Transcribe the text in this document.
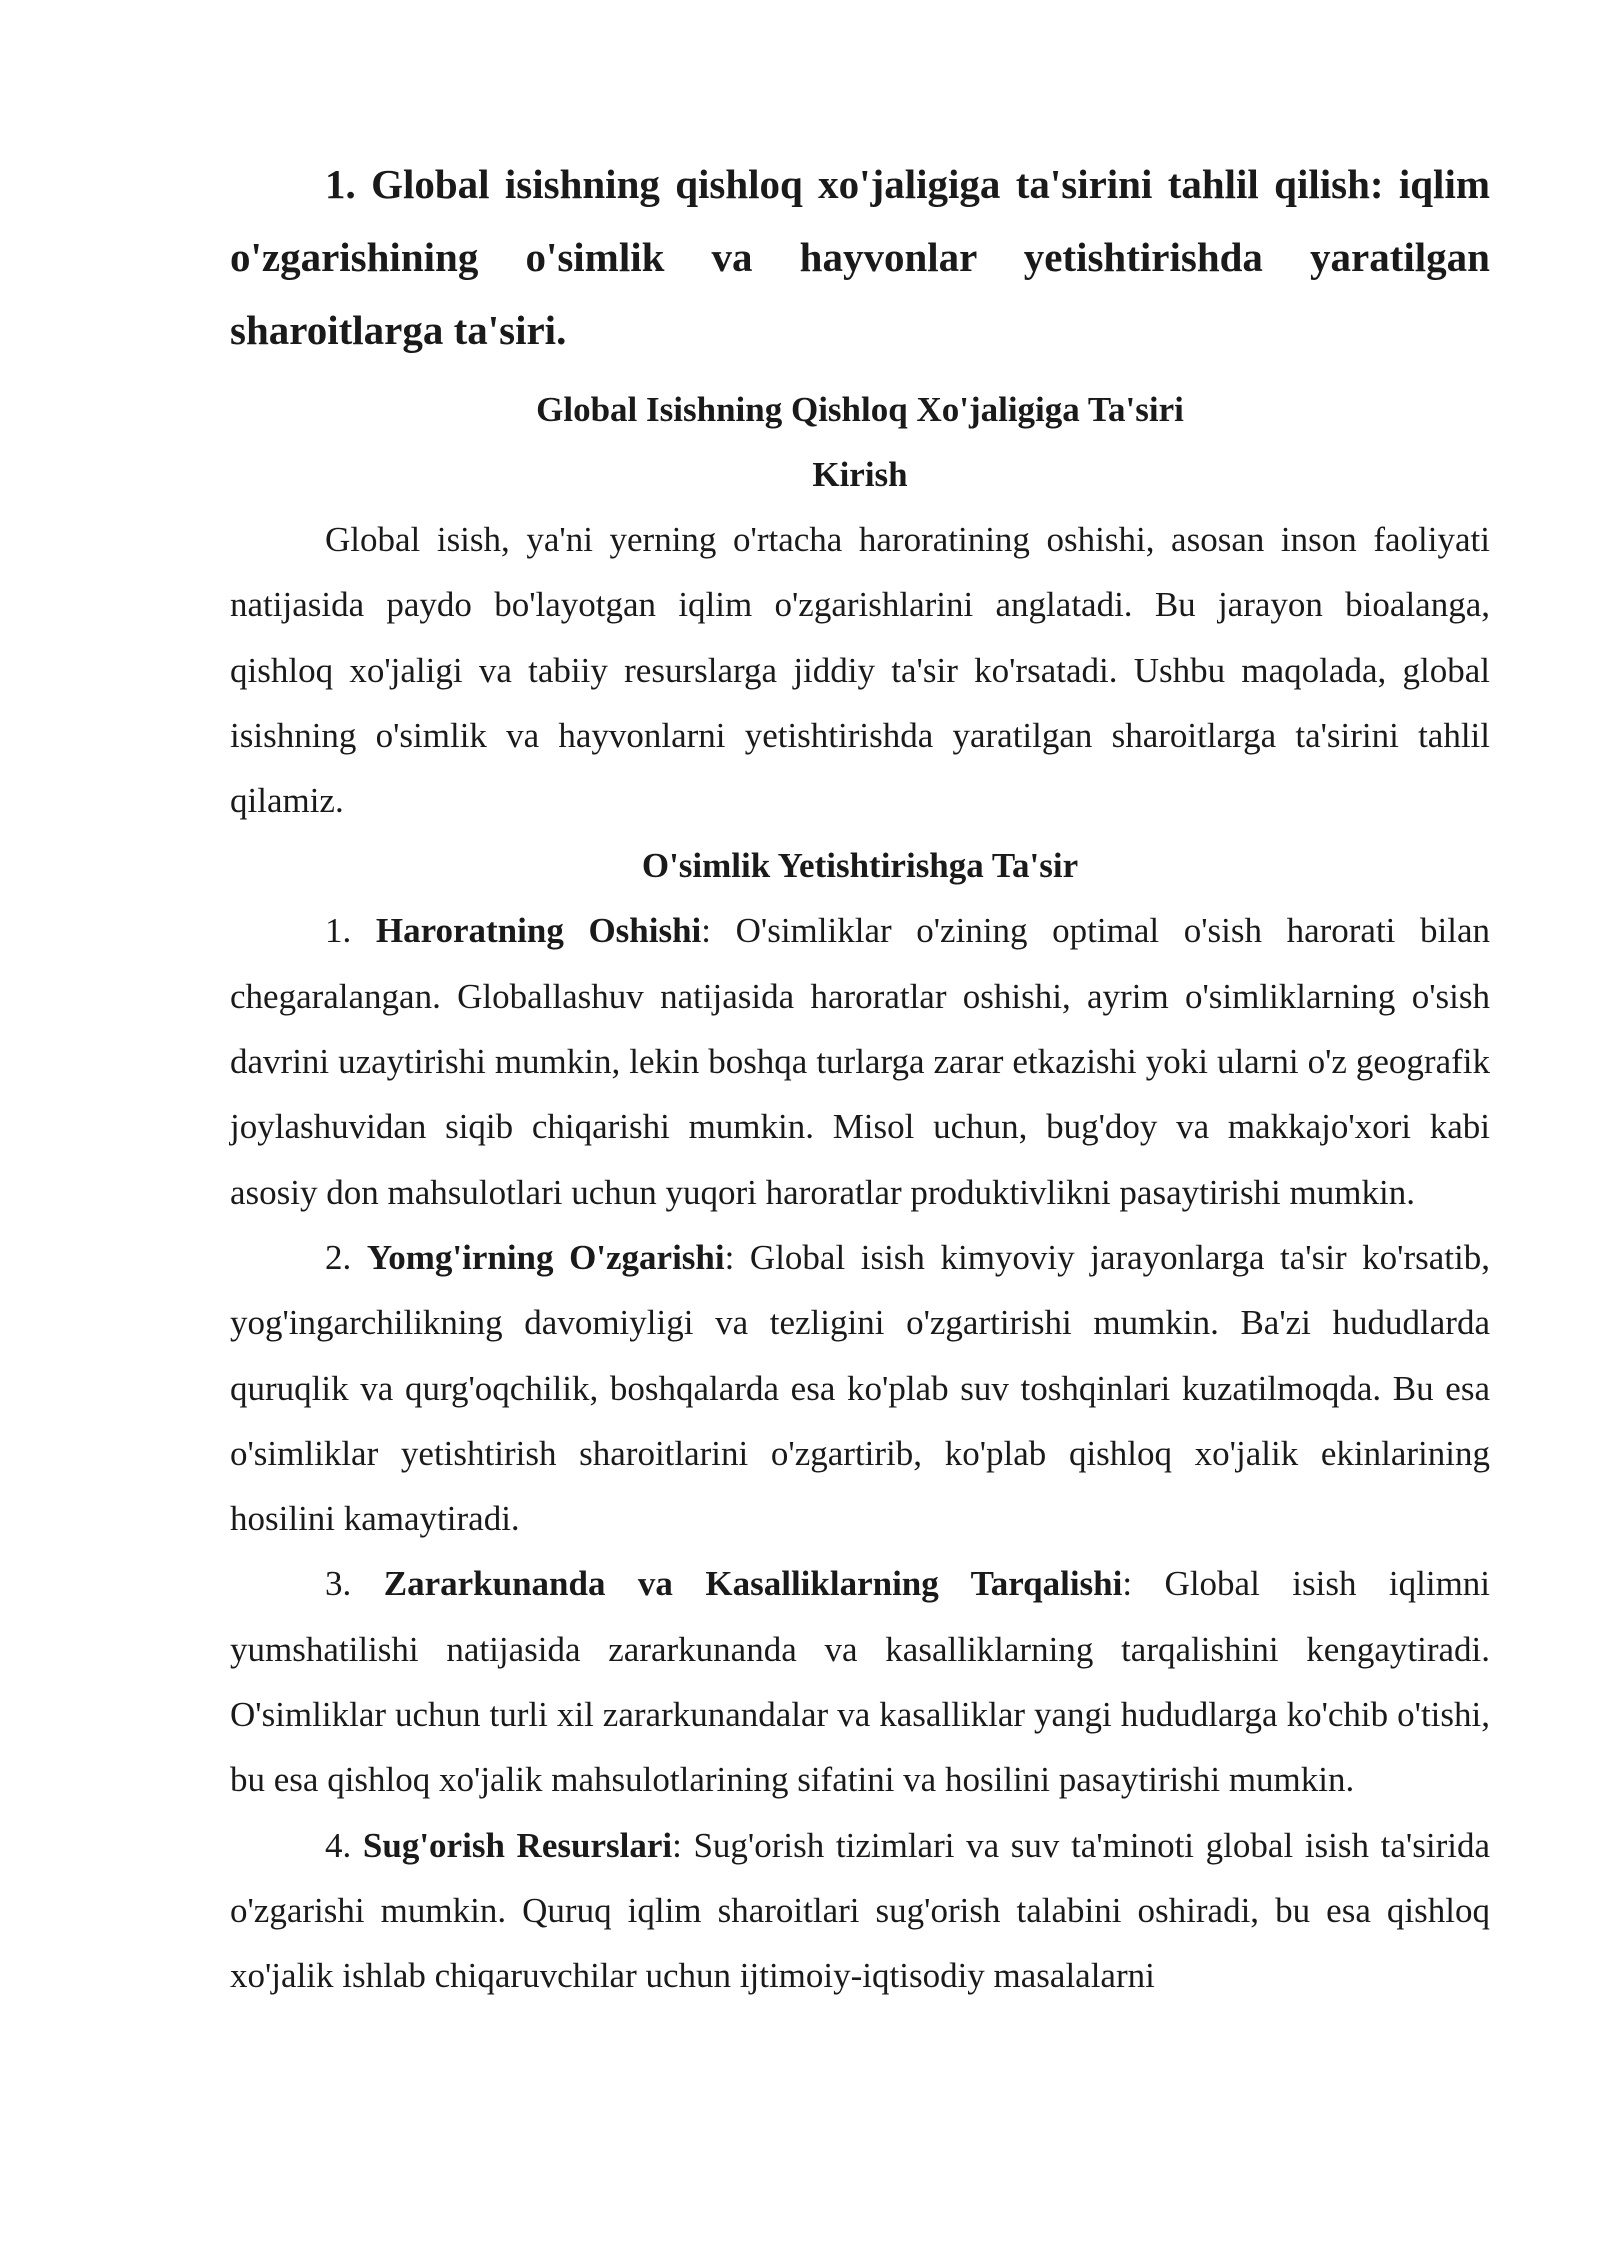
1. Global isishning qishloq xo'jaligiga ta'sirini tahlil qilish: iqlim o'zgarishining o'simlik va hayvonlar yetishtirishda yaratilgan sharoitlarga ta'siri.

Global Isishning Qishloq Xo'jaligiga Ta'siri

Kirish

Global isish, ya'ni yerning o'rtacha haroratining oshishi, asosan inson faoliyati natijasida paydo bo'layotgan iqlim o'zgarishlarini anglatadi. Bu jarayon bioalanga, qishloq xo'jaligi va tabiiy resurslarga jiddiy ta'sir ko'rsatadi. Ushbu maqolada, global isishning o'simlik va hayvonlarni yetishtirishda yaratilgan sharoitlarga ta'sirini tahlil qilamiz.

O'simlik Yetishtirishga Ta'sir

1. Haroratning Oshishi: O'simliklar o'zining optimal o'sish harorati bilan chegaralangan. Globallashuv natijasida haroratlar oshishi, ayrim o'simliklarning o'sish davrini uzaytirishi mumkin, lekin boshqa turlarga zarar etkazishi yoki ularni o'z geografik joylashuvidan siqib chiqarishi mumkin. Misol uchun, bug'doy va makkajo'xori kabi asosiy don mahsulotlari uchun yuqori haroratlar produktivlikni pasaytirishi mumkin.

2. Yomg'irning O'zgarishi: Global isish kimyoviy jarayonlarga ta'sir ko'rsatib, yog'ingarchilikning davomiyligi va tezligini o'zgartirishi mumkin. Ba'zi hududlarda quruqlik va qurg'oqchilik, boshqalarda esa ko'plab suv toshqinlari kuzatilmoqda. Bu esa o'simliklar yetishtirish sharoitlarini o'zgartirib, ko'plab qishloq xo'jalik ekinlarining hosilini kamaytiradi.

3. Zararkunanda va Kasalliklarning Tarqalishi: Global isish iqlimni yumshatilishi natijasida zararkunanda va kasalliklarning tarqalishini kengaytiradi. O'simliklar uchun turli xil zararkunandalar va kasalliklar yangi hududlarga ko'chib o'tishi, bu esa qishloq xo'jalik mahsulotlarining sifatini va hosilini pasaytirishi mumkin.

4. Sug'orish Resurslari: Sug'orish tizimlari va suv ta'minoti global isish ta'sirida o'zgarishi mumkin. Quruq iqlim sharoitlari sug'orish talabini oshiradi, bu esa qishloq xo'jalik ishlab chiqaruvchilar uchun ijtimoiy-iqtisodiy masalalarni
